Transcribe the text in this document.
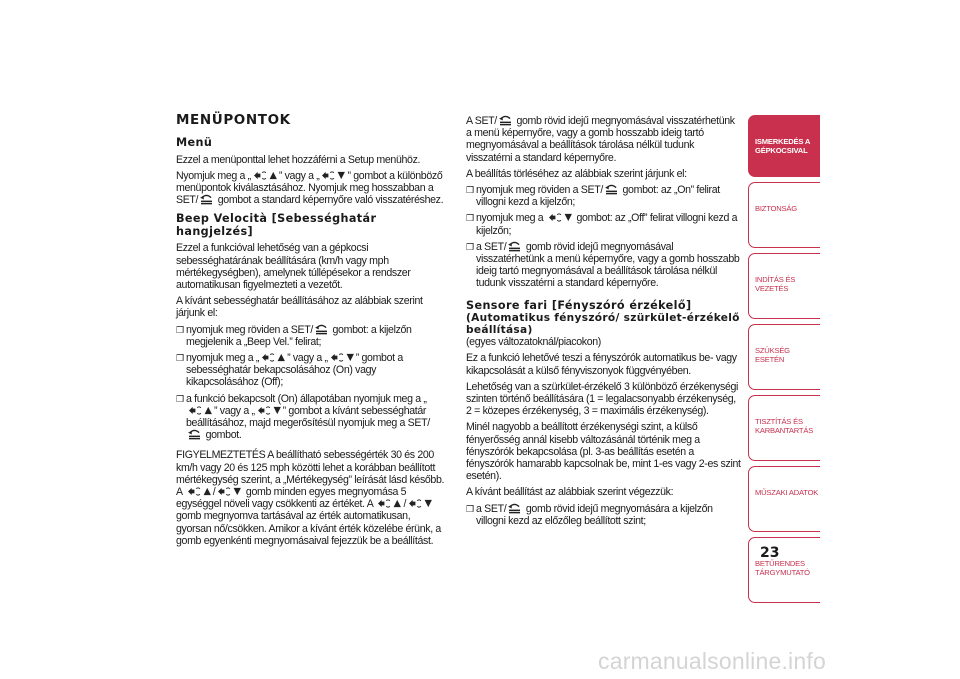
MENÜPONTOK
Menü

Ezzel a menüponttal lehet hozzáférni a Setup menühöz.

Nyomjuk meg a „	” vagy a „	” gombot a különböző menüpontok kiválasztásához. Nyomjuk meg hosszabban a SET/ gombot a standard képernyőre való visszatéréshez.

Beep Velocità [Sebességhatár hangjelzés]

Ezzel a funkcióval lehetőség van a gépkocsi sebességhatárának beállítására (km/h vagy mph mértékegységben), amelynek túllépésekor a rendszer automatikusan figyelmezteti a vezetőt.

A kívánt sebességhatár beállításához az alábbiak szerint járjunk el:

❒ nyomjuk meg röviden a SET/ gombot: a kijelzőn megjelenik a „Beep Vel.” felirat;
❒ nyomjuk meg a „	” vagy a „	” gombot a sebességhatár bekapcsolásához (On) vagy kikapcsolásához (Off);
❒ a funkció bekapcsolt (On) állapotában nyomjuk meg a „” vagy a „	” gombot a kívánt sebességhatár beállításához, majd megerősítésül nyomjuk meg a SET/ gombot.

FIGYELMEZTETÉS A beállítható sebességérték 30 és 200 km/h vagy 20 és 125 mph közötti lehet a korábban beállított mértékegység szerint, a „Mértékegység” leírását lásd később. A	/	gomb minden egyes megnyomása 5 egységgel növeli vagy csökkenti az értéket. A	/ gomb megnyomva tartásával az érték automatikusan, gyorsan nő/csökken. Amikor a kívánt érték közelébe érünk, a gomb egyenkénti megnyomásaival fejezzük be a beállítást.

A SET/ gomb rövid idejű megnyomásával visszatérhetünk a menü képernyőre, vagy a gomb hosszabb ideig tartó megnyomásával a beállítások tárolása nélkül tudunk visszatérni a standard képernyőre.

A beállítás törléséhez az alábbiak szerint járjunk el:

❒ nyomjuk meg röviden a SET/ gombot: az „On” felirat villogni kezd a kijelzőn;
❒ nyomjuk meg a	gombot: az „Off” felirat villogni kezd a kijelzőn;
❒ a SET/ gomb rövid idejű megnyomásával visszatérhetünk a menü képernyőre, vagy a gomb hosszabb ideig tartó megnyomásával a beállítások tárolása nélkül tudunk visszatérni a standard képernyőre.
Sensore fari [Fényszóró érzékelő]
(Automatikus fényszóró/ szürkület-érzékelő beállítása)

(egyes változatoknál/piacokon)

Ez a funkció lehetővé teszi a fényszórók automatikus be- vagy kikapcsolását a külső fényviszonyok függvényében.

Lehetőség van a szürkület-érzékelő 3 különböző érzékenységi szinten történő beállítására (1 = legalacsonyabb érzékenység, 2 = közepes érzékenység, 3 = maximális érzékenység).

Minél nagyobb a beállított érzékenységi szint, a külső fényerősség annál kisebb változásánál történik meg a fényszórók bekapcsolása (pl. 3-as beállítás esetén a fényszórók hamarabb kapcsolnak be, mint 1-es vagy 2-es szint esetén).

A kívánt beállítást az alábbiak szerint végezzük:

❒ a SET/ gomb rövid idejű megnyomására a kijelzőn villogni kezd az előzőleg beállított szint;
ISMERKEDÉS A GÉPKOCSIVAL
BIZTONSÁG
INDÍTÁS ÉS VEZETÉS
SZÜKSÉG ESETÉN
TISZTÍTÁS ÉS KARBANTARTÁS
MŰSZAKI ADATOK
BETŰRENDES TÁRGYMUTATÓ
23
carmanualsonline.info
